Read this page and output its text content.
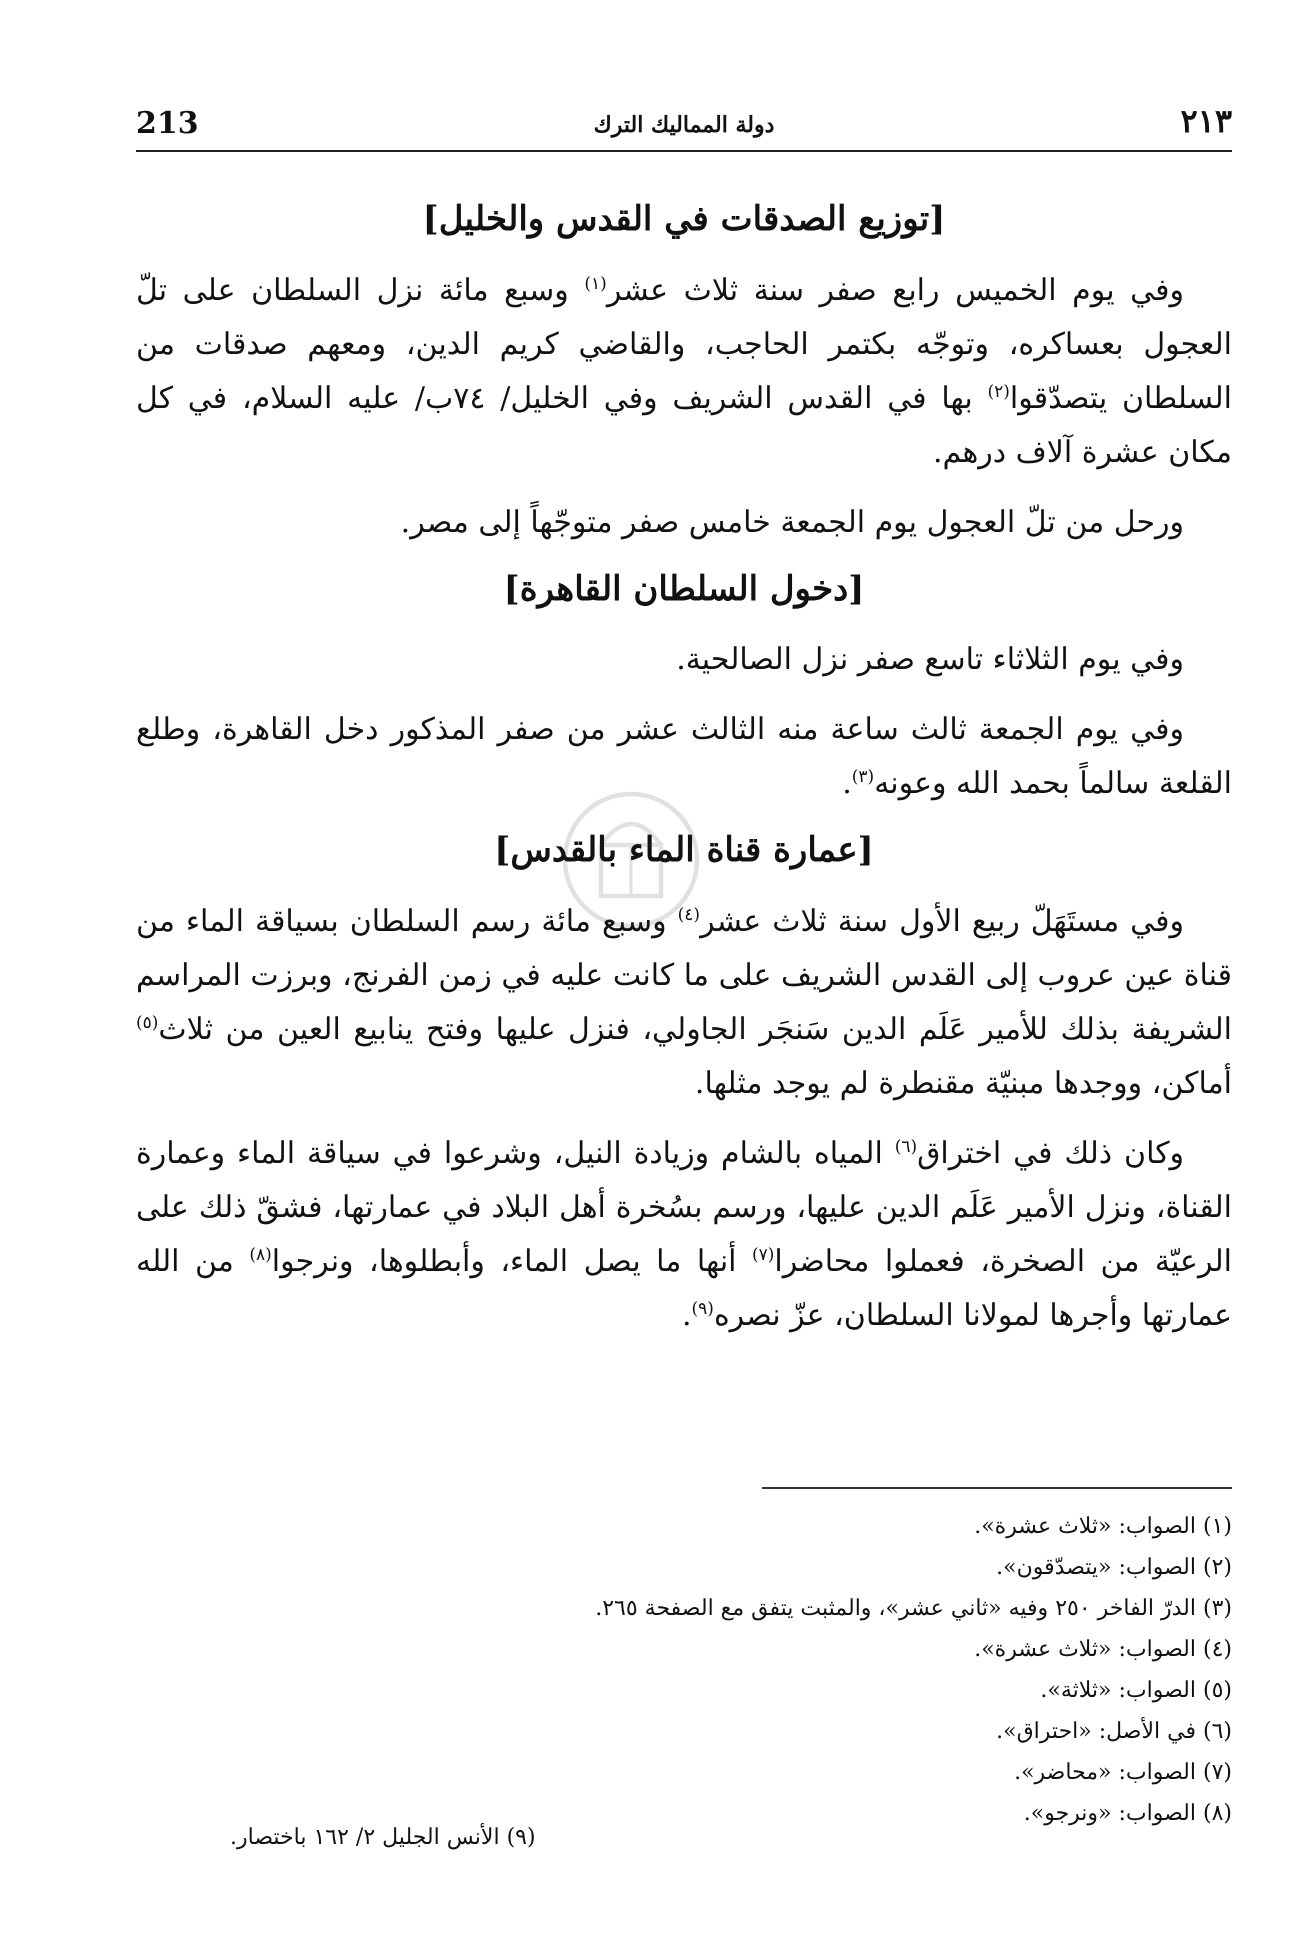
213	دولة المماليك الترك	٢١٣
[توزيع الصدقات في القدس والخليل]

وفي يوم الخميس رابع صفر سنة ثلاث عشر$^{(١)}$ وسبع مائة نزل السلطان على تلّ العجول بعساكره، وتوجّه بكتمر الحاجب، والقاضي كريم الدين، ومعهم صدقات من السلطان يتصدّقوا$^{(٢)}$ بها في القدس الشريف وفي الخليل/ ٧٤ب/ عليه السلام، في كل مكان عشرة آلاف درهم.

ورحل من تلّ العجول يوم الجمعة خامس صفر متوجّهاً إلى مصر.

[دخول السلطان القاهرة]

وفي يوم الثلاثاء تاسع صفر نزل الصالحية.

وفي يوم الجمعة ثالث ساعة منه الثالث عشر من صفر المذكور دخل القاهرة، وطلع القلعة سالماً بحمد الله وعونه$^{(٣)}$.

[عمارة قناة الماء بالقدس]

وفي مستَهَلّ ربيع الأول سنة ثلاث عشر$^{(٤)}$ وسبع مائة رسم السلطان بسياقة الماء من قناة عين عروب إلى القدس الشريف على ما كانت عليه في زمن الفرنج، وبرزت المراسم الشريفة بذلك للأمير عَلَم الدين سَنجَر الجاولي، فنزل عليها وفتح ينابيع العين من ثلاث$^{(٥)}$ أماكن، ووجدها مبنيّة مقنطرة لم يوجد مثلها.

وكان ذلك في اختراق$^{(٦)}$ المياه بالشام وزيادة النيل، وشرعوا في سياقة الماء وعمارة القناة، ونزل الأمير عَلَم الدين عليها، ورسم بسُخرة أهل البلاد في عمارتها، فشقّ ذلك على الرعيّة من الصخرة، فعملوا محاضرا$^{(٧)}$ أنها ما يصل الماء، وأبطلوها، ونرجوا$^{(٨)}$ من الله عمارتها وأجرها لمولانا السلطان، عزّ نصره$^{(٩)}$.

(١) الصواب: «ثلاث عشرة».
(٢) الصواب: «يتصدّقون».
(٣) الدرّ الفاخر ٢٥٠ وفيه «ثاني عشر»، والمثبت يتفق مع الصفحة ٢٦٥.
(٤) الصواب: «ثلاث عشرة».
(٥) الصواب: «ثلاثة».
(٦) في الأصل: «احتراق».
(٧) الصواب: «محاضر».
(٨) الصواب: «ونرجو».
(٩) الأنس الجليل ٢/ ١٦٢ باختصار.
